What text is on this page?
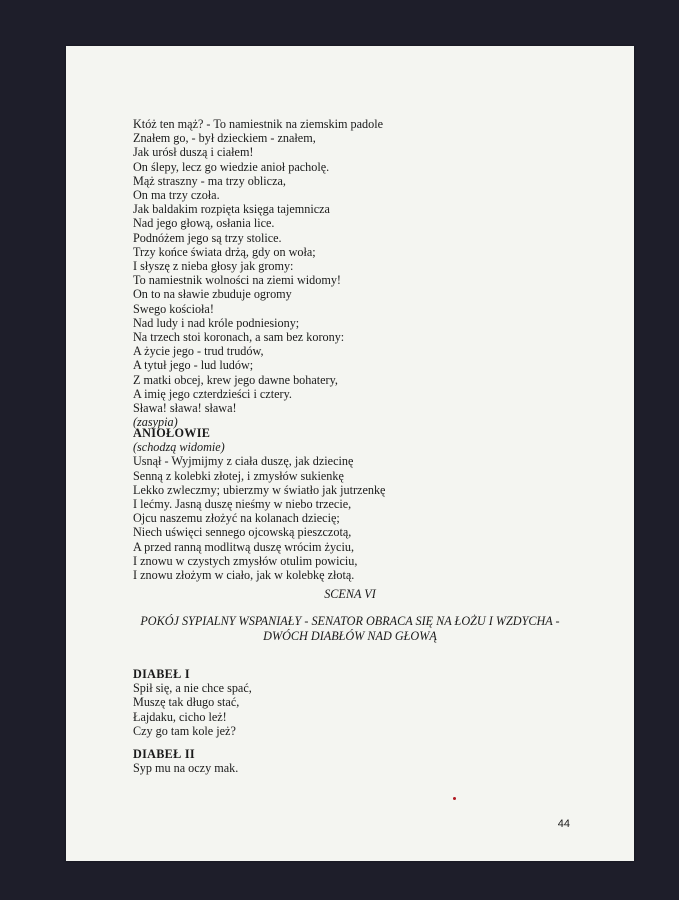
Któż ten mąż? - To namiestnik na ziemskim padole
Znałem go, - był dzieckiem - znałem,
Jak urósł duszą i ciałem!
On ślepy, lecz go wiedzie anioł pacholę.
Mąż straszny - ma trzy oblicza,
On ma trzy czoła.
Jak baldakim rozpięta księga tajemnicza
Nad jego głową, osłania lice.
Podnóżem jego są trzy stolice.
Trzy końce świata drżą, gdy on woła;
I słyszę z nieba głosy jak gromy:
To namiestnik wolności na ziemi widomy!
On to na sławie zbuduje ogromy
Swego kościoła!
Nad ludy i nad króle podniesiony;
Na trzech stoi koronach, a sam bez korony:
A życie jego - trud trudów,
A tytuł jego - lud ludów;
Z matki obcej, krew jego dawne bohatery,
A imię jego czterdzieści i cztery.
Sława! sława! sława!
(zasypia)
ANIOŁOWIE
(schodzą widomie)
Usnął - Wyjmijmy z ciała duszę, jak dziecinę
Senną z kolebki złotej, i zmysłów sukienkę
Lekko zwleczmy; ubierzmy w światło jak jutrzenkę
I lećmy. Jasną duszę nieśmy w niebo trzecie,
Ojcu naszemu złożyć na kolanach dziecię;
Niech uświęci sennego ojcowską pieszczotą,
A przed ranną modlitwą duszę wrócim życiu,
I znowu w czystych zmysłów otulim powiciu,
I znowu złożym w ciało, jak w kolebkę złotą.
SCENA VI
POKÓJ SYPIALNY WSPANIAŁY - SENATOR OBRACA SIĘ NA ŁOŻU I WZDYCHA -
DWÓCH DIABŁÓW NAD GŁOWĄ
DIABEŁ I
Spił się, a nie chce spać,
Muszę tak długo stać,
Łajdaku, cicho leż!
Czy go tam kole jeż?
DIABEŁ II
Syp mu na oczy mak.
44
